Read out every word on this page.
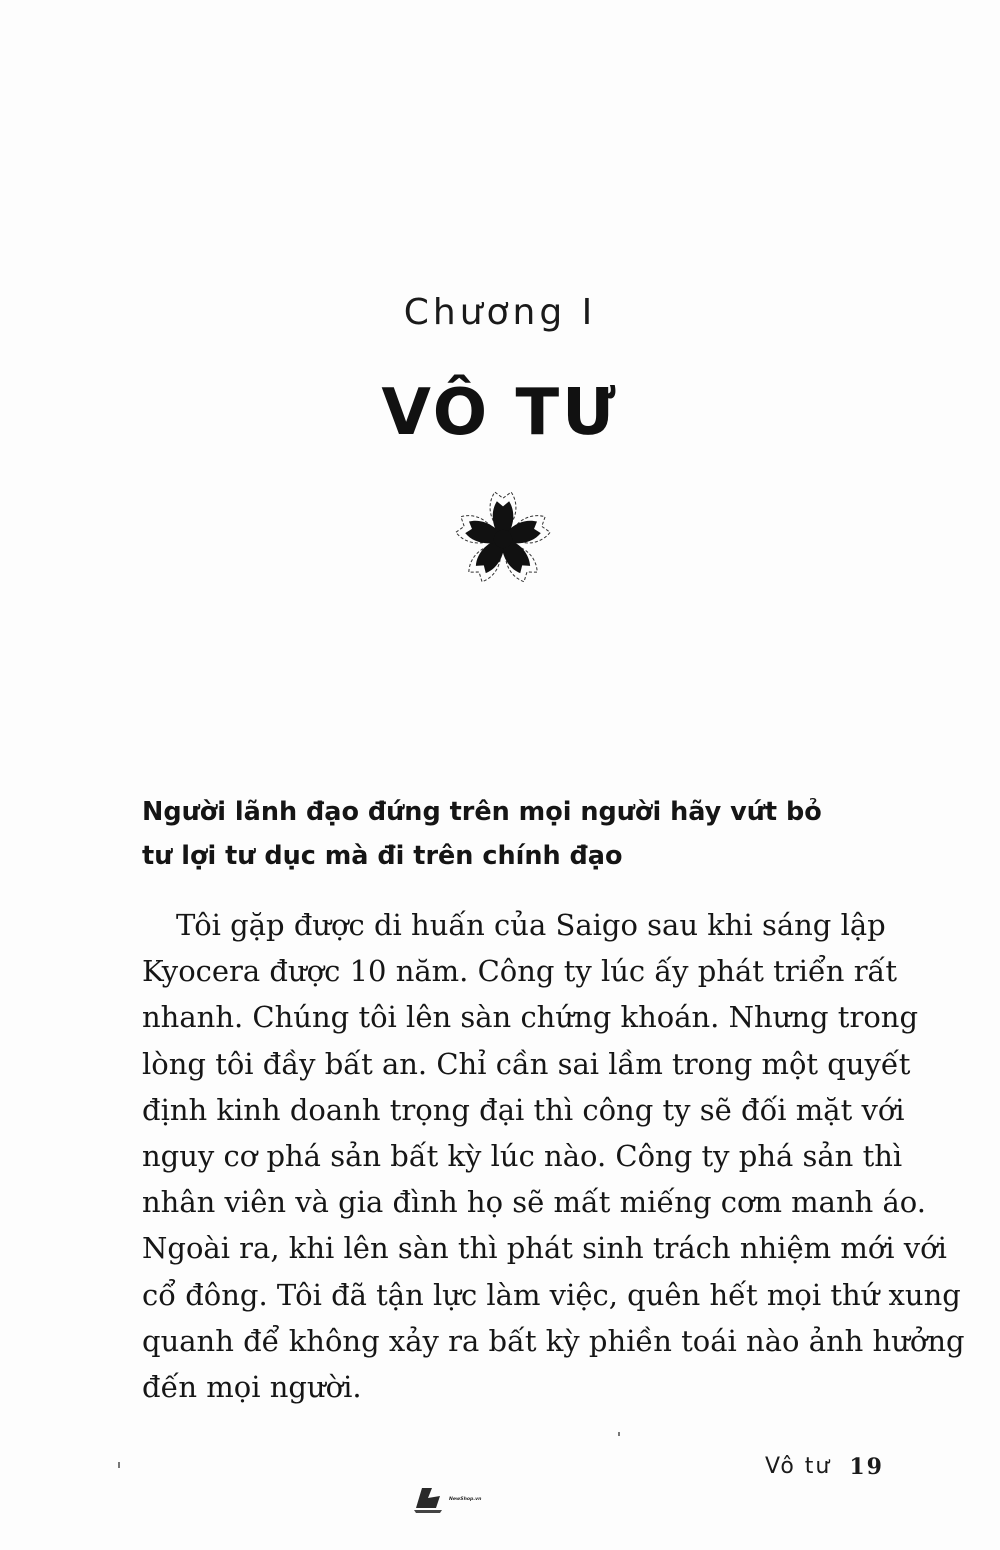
Chương I

VÔ TƯ
Người lãnh đạo đứng trên mọi người hãy vứt bỏ
tư lợi tư dục mà đi trên chính đạo

Tôi gặp được di huấn của Saigo sau khi sáng lập
Kyocera được 10 năm. Công ty lúc ấy phát triển rất
nhanh. Chúng tôi lên sàn chứng khoán. Nhưng trong
lòng tôi đầy bất an. Chỉ cần sai lầm trong một quyết
định kinh doanh trọng đại thì công ty sẽ đối mặt với
nguy cơ phá sản bất kỳ lúc nào. Công ty phá sản thì
nhân viên và gia đình họ sẽ mất miếng cơm manh áo.
Ngoài ra, khi lên sàn thì phát sinh trách nhiệm mới với
cổ đông. Tôi đã tận lực làm việc, quên hết mọi thứ xung
quanh để không xảy ra bất kỳ phiền toái nào ảnh hưởng
đến mọi người.

Vô tư 19
NewShop.vn
